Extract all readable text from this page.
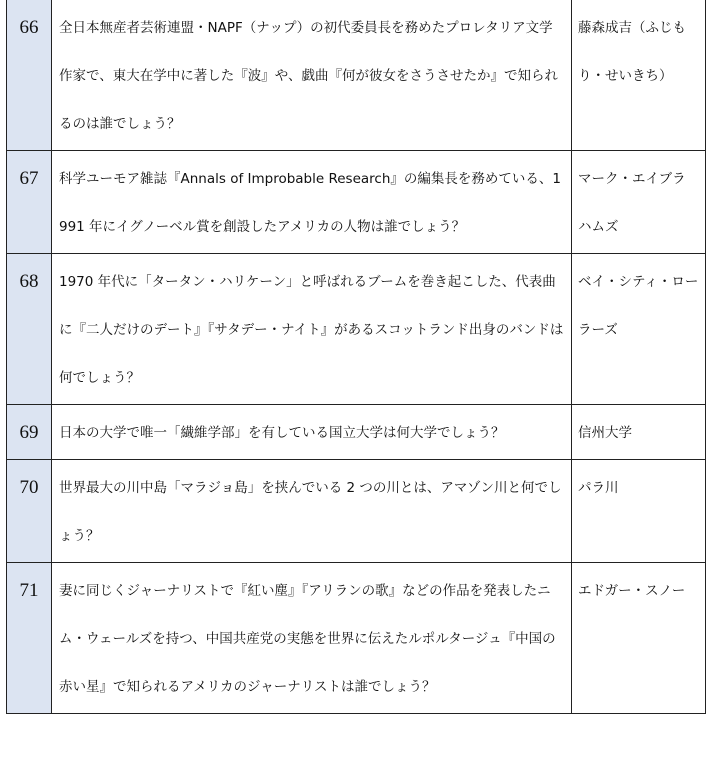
66	全日本無産者芸術連盟・NAPF（ナップ）の初代委員長を務めたプロレタリア文学作家で、東大在学中に著した『波』や、戯曲『何が彼女をさうさせたか』で知られるのは誰でしょう？	藤森成吉（ふじもり・せいきち）
67	科学ユーモア雑誌『Annals of Improbable Research』の編集長を務めている、1991 年にイグノーベル賞を創設したアメリカの人物は誰でしょう？	マーク・エイブラハムズ
68	1970 年代に「タータン・ハリケーン」と呼ばれるブームを巻き起こした、代表曲に『二人だけのデート』『サタデー・ナイト』があるスコットランド出身のバンドは何でしょう？	ベイ・シティ・ローラーズ
69	日本の大学で唯一「繊維学部」を有している国立大学は何大学でしょう？	信州大学
70	世界最大の川中島「マラジョ島」を挟んでいる 2 つの川とは、アマゾン川と何でしょう？	パラ川
71	妻に同じくジャーナリストで『紅い塵』『アリランの歌』などの作品を発表したニム・ウェールズを持つ、中国共産党の実態を世界に伝えたルポルタージュ『中国の赤い星』で知られるアメリカのジャーナリストは誰でしょう？	エドガー・スノー
